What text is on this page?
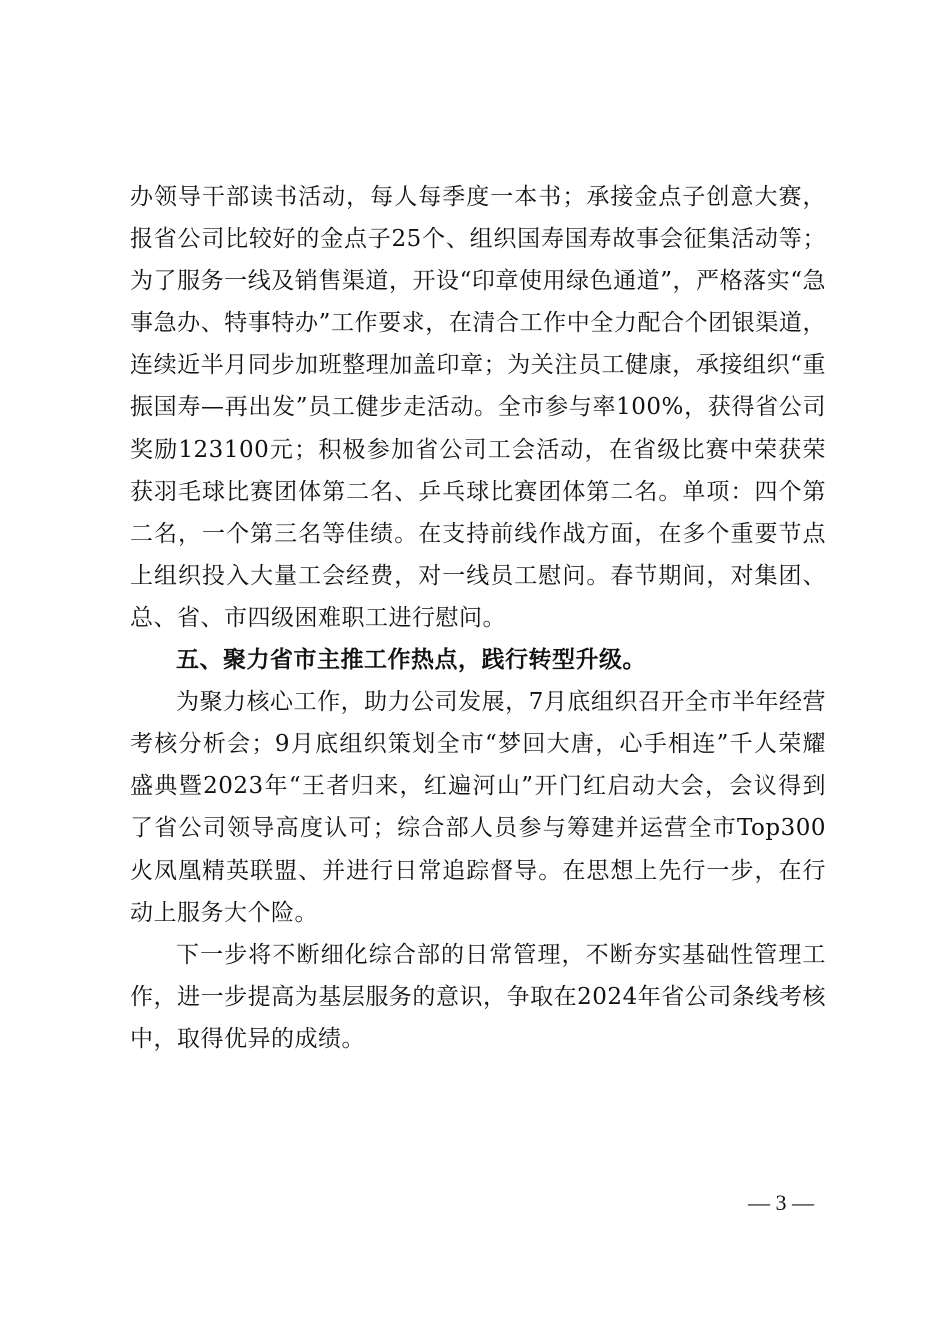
办领导干部读书活动，每人每季度一本书；承接金点子创意大赛，报省公司比较好的金点子25个、组织国寿国寿故事会征集活动等；为了服务一线及销售渠道，开设“印章使用绿色通道”，严格落实“急事急办、特事特办”工作要求，在清合工作中全力配合个团银渠道，连续近半月同步加班整理加盖印章；为关注员工健康，承接组织“重振国寿—再出发”员工健步走活动。全市参与率100%，获得省公司奖励123100元；积极参加省公司工会活动，在省级比赛中荣获荣获羽毛球比赛团体第二名、乒乓球比赛团体第二名。单项：四个第二名，一个第三名等佳绩。在支持前线作战方面，在多个重要节点上组织投入大量工会经费，对一线员工慰问。春节期间，对集团、总、省、市四级困难职工进行慰问。

五、聚力省市主推工作热点，践行转型升级。

为聚力核心工作，助力公司发展，7月底组织召开全市半年经营考核分析会；9月底组织策划全市“梦回大唐，心手相连”千人荣耀盛典暨2023年“王者归来，红遍河山”开门红启动大会，会议得到了省公司领导高度认可；综合部人员参与筹建并运营全市Top300火凤凰精英联盟、并进行日常追踪督导。在思想上先行一步，在行动上服务大个险。

下一步将不断细化综合部的日常管理，不断夯实基础性管理工作，进一步提高为基层服务的意识，争取在2024年省公司条线考核中，取得优异的成绩。

— 3 —
